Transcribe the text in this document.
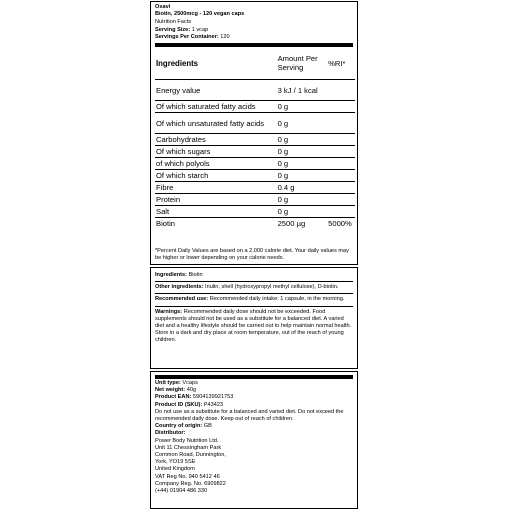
Osavi
Biotin, 2500mcg - 120 vegan caps
Nutrition Facts
Serving Size: 1 vcap
Servings Per Container: 120
Ingredients	Amount Per Serving	%RI*
Energy value	3 kJ / 1 kcal	
Of which saturated fatty acids	0 g	
Of which unsaturated fatty acids	0 g	
Carbohydrates	0 g	
Of which sugars	0 g	
of which polyols	0 g	
Of which starch	0 g	
Fibre	0.4 g	
Protein	0 g	
Salt	0 g	
Biotin	2500 µg	5000%
*Percent Daily Values are based on a 2,000 calorie diet. Your daily values may be higher or lower depending on your calorie needs.
Ingredients: Biotin
Other ingredients: Inulin, shell (hydroxypropyl methyl cellulose), D-biotin.
Recommended use: Recommended daily intake: 1 capsule, in the morning.
Warnings: Recommended daily dose should not be exceeded. Food supplements should not be used as a substitute for a balanced diet. A varied diet and a healthy lifestyle should be carried out to help maintain normal health. Store in a dark and dry place at room temperature, out of the reach of young children.
Unit type: Vcaps
Net weight: 40g
Product EAN: 5904139921753
Product ID (SKU): P43423
Do not use as a substitute for a balanced and varied diet. Do not exceed the recommended daily dose. Keep out of reach of children.
Country of origin: GB
Distributor:
Power Body Nutrition Ltd.
Unit 11 Chessingham Park
Common Road, Dunnington,
York, YO19 5SE
United Kingdom
VAT Reg No. 940 5412 46
Company Reg. No. 6909822
(+44) 01904 486 330
